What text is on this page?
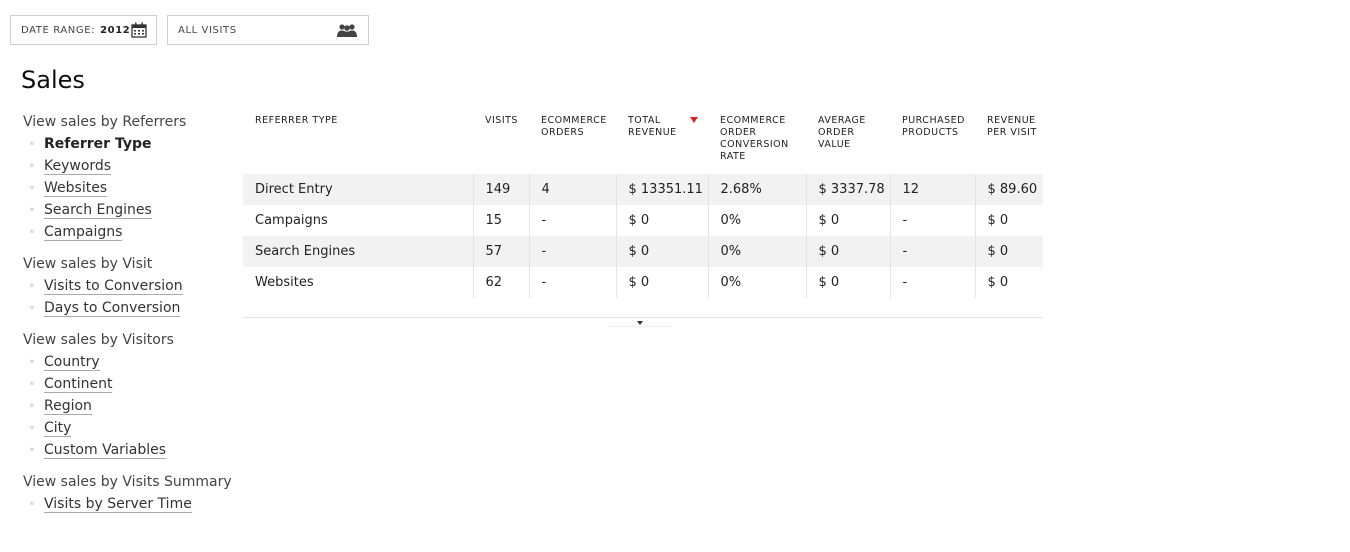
DATE RANGE: 2012	ALL VISITS
Sales
View sales by Referrers
» Referrer Type
» Keywords
» Websites
» Search Engines
» Campaigns
View sales by Visit
» Visits to Conversion
» Days to Conversion
View sales by Visitors
» Country
» Continent
» Region
» City
» Custom Variables
View sales by Visits Summary
» Visits by Server Time
REFERRER TYPE	VISITS	ECOMMERCE ORDERS	TOTAL REVENUE	ECOMMERCE ORDER CONVERSION RATE	AVERAGE ORDER VALUE	PURCHASED PRODUCTS	REVENUE PER VISIT
Direct Entry	149	4	$ 13351.11	2.68%	$ 3337.78	12	$ 89.60
Campaigns	15	-	$ 0	0%	$ 0	-	$ 0
Search Engines	57	-	$ 0	0%	$ 0	-	$ 0
Websites	62	-	$ 0	0%	$ 0	-	$ 0
